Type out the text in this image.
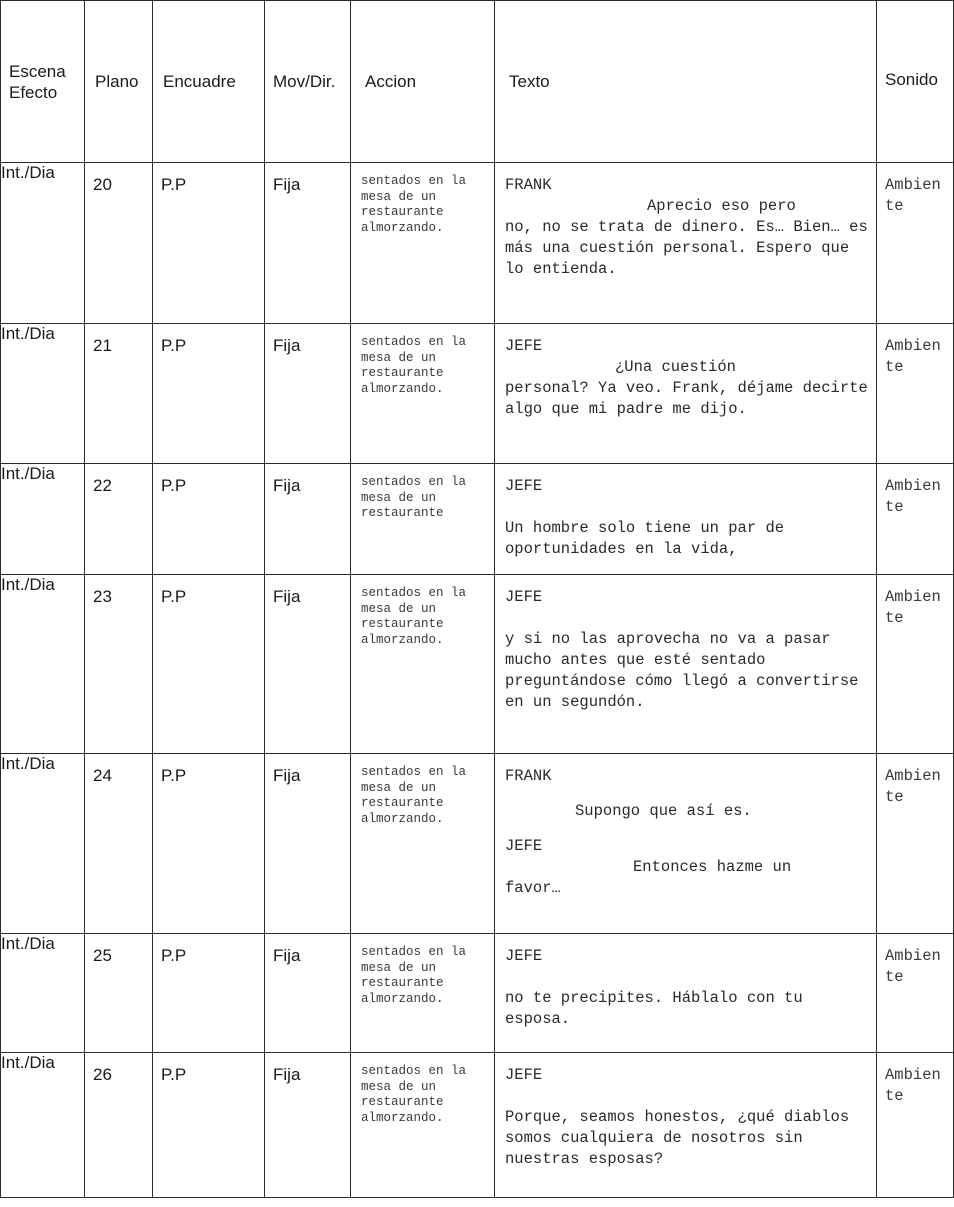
Escena
Efecto	Plano	Encuadre	Mov/Dir.	Accion	Texto	Sonido

Int./Dia	20	P.P	Fija	sentados en la mesa de un restaurante almorzando.	FRANK
Aprecio eso pero
no, no se trata de dinero. Es… Bien… es más una cuestión personal. Espero que lo entienda.	Ambiente

Int./Dia	21	P.P	Fija	sentados en la mesa de un restaurante almorzando.	JEFE
¿Una cuestión
personal? Ya veo. Frank, déjame decirte algo que mi padre me dijo.	Ambiente

Int./Dia	22	P.P	Fija	sentados en la mesa de un restaurante	JEFE
Un hombre solo tiene un par de oportunidades en la vida,	Ambiente

Int./Dia	23	P.P	Fija	sentados en la mesa de un restaurante almorzando.	JEFE
y si no las aprovecha no va a pasar mucho antes que esté sentado preguntándose cómo llegó a convertirse en un segundón.	Ambiente

Int./Dia	24	P.P	Fija	sentados en la mesa de un restaurante almorzando.	FRANK
Supongo que así es.
JEFE
Entonces hazme un
favor…	Ambiente

Int./Dia	25	P.P	Fija	sentados en la mesa de un restaurante almorzando.	JEFE
no te precipites. Háblalo con tu esposa.	Ambiente

Int./Dia	26	P.P	Fija	sentados en la mesa de un restaurante almorzando.	JEFE
Porque, seamos honestos, ¿qué diablos somos cualquiera de nosotros sin nuestras esposas?	Ambiente
